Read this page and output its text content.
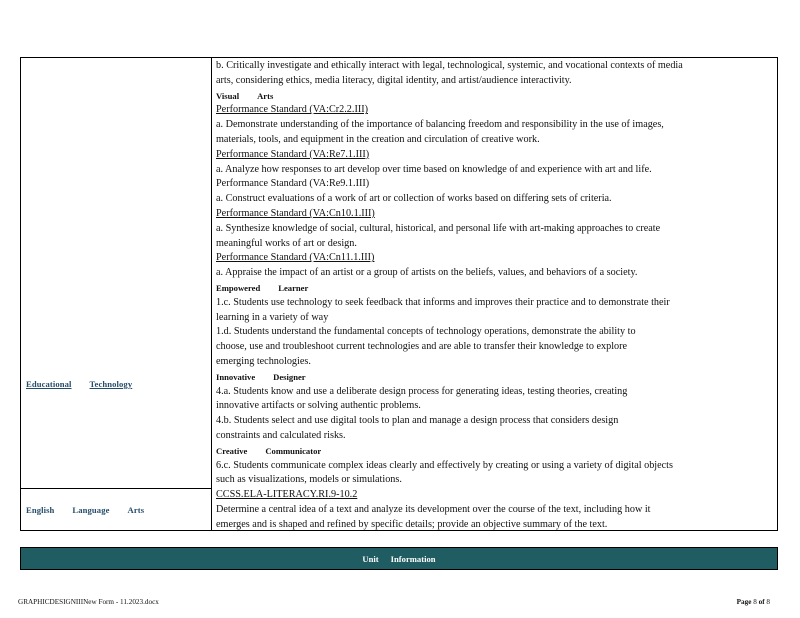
Educational Technology
English Language Arts

b. Critically investigate and ethically interact with legal, technological, systemic, and vocational contexts of media

arts, considering ethics, media literacy, digital identity, and artist/audience interactivity.

Visual Arts

Performance Standard (VA:Cr2.2.III)

a. Demonstrate understanding of the importance of balancing freedom and responsibility in the use of images,

materials, tools, and equipment in the creation and circulation of creative work.

Performance Standard (VA:Re7.1.III)

a. Analyze how responses to art develop over time based on knowledge of and experience with art and life.

Performance Standard (VA:Re9.1.III)

a. Construct evaluations of a work of art or collection of works based on differing sets of criteria.

Performance Standard (VA:Cn10.1.III)

a. Synthesize knowledge of social, cultural, historical, and personal life with art-making approaches to create

meaningful works of art or design.

Performance Standard (VA:Cn11.1.III)

a. Appraise the impact of an artist or a group of artists on the beliefs, values, and behaviors of a society.

Empowered Learner

1.c. Students use technology to seek feedback that informs and improves their practice and to demonstrate their

learning in a variety of way

1.d. Students understand the fundamental concepts of technology operations, demonstrate the ability to

choose, use and troubleshoot current technologies and are able to transfer their knowledge to explore

emerging technologies.

Innovative Designer

4.a. Students know and use a deliberate design process for generating ideas, testing theories, creating

innovative artifacts or solving authentic problems.

4.b. Students select and use digital tools to plan and manage a design process that considers design

constraints and calculated risks.

Creative Communicator

6.c. Students communicate complex ideas clearly and effectively by creating or using a variety of digital objects

such as visualizations, models or simulations.

CCSS.ELA-LITERACY.RI.9-10.2

Determine a central idea of a text and analyze its development over the course of the text, including how it

emerges and is shaped and refined by specific details; provide an objective summary of the text.

Unit Information
GRAPHICDESIGNIIINew Form - 11.2023.docx	Page 8 of 8
